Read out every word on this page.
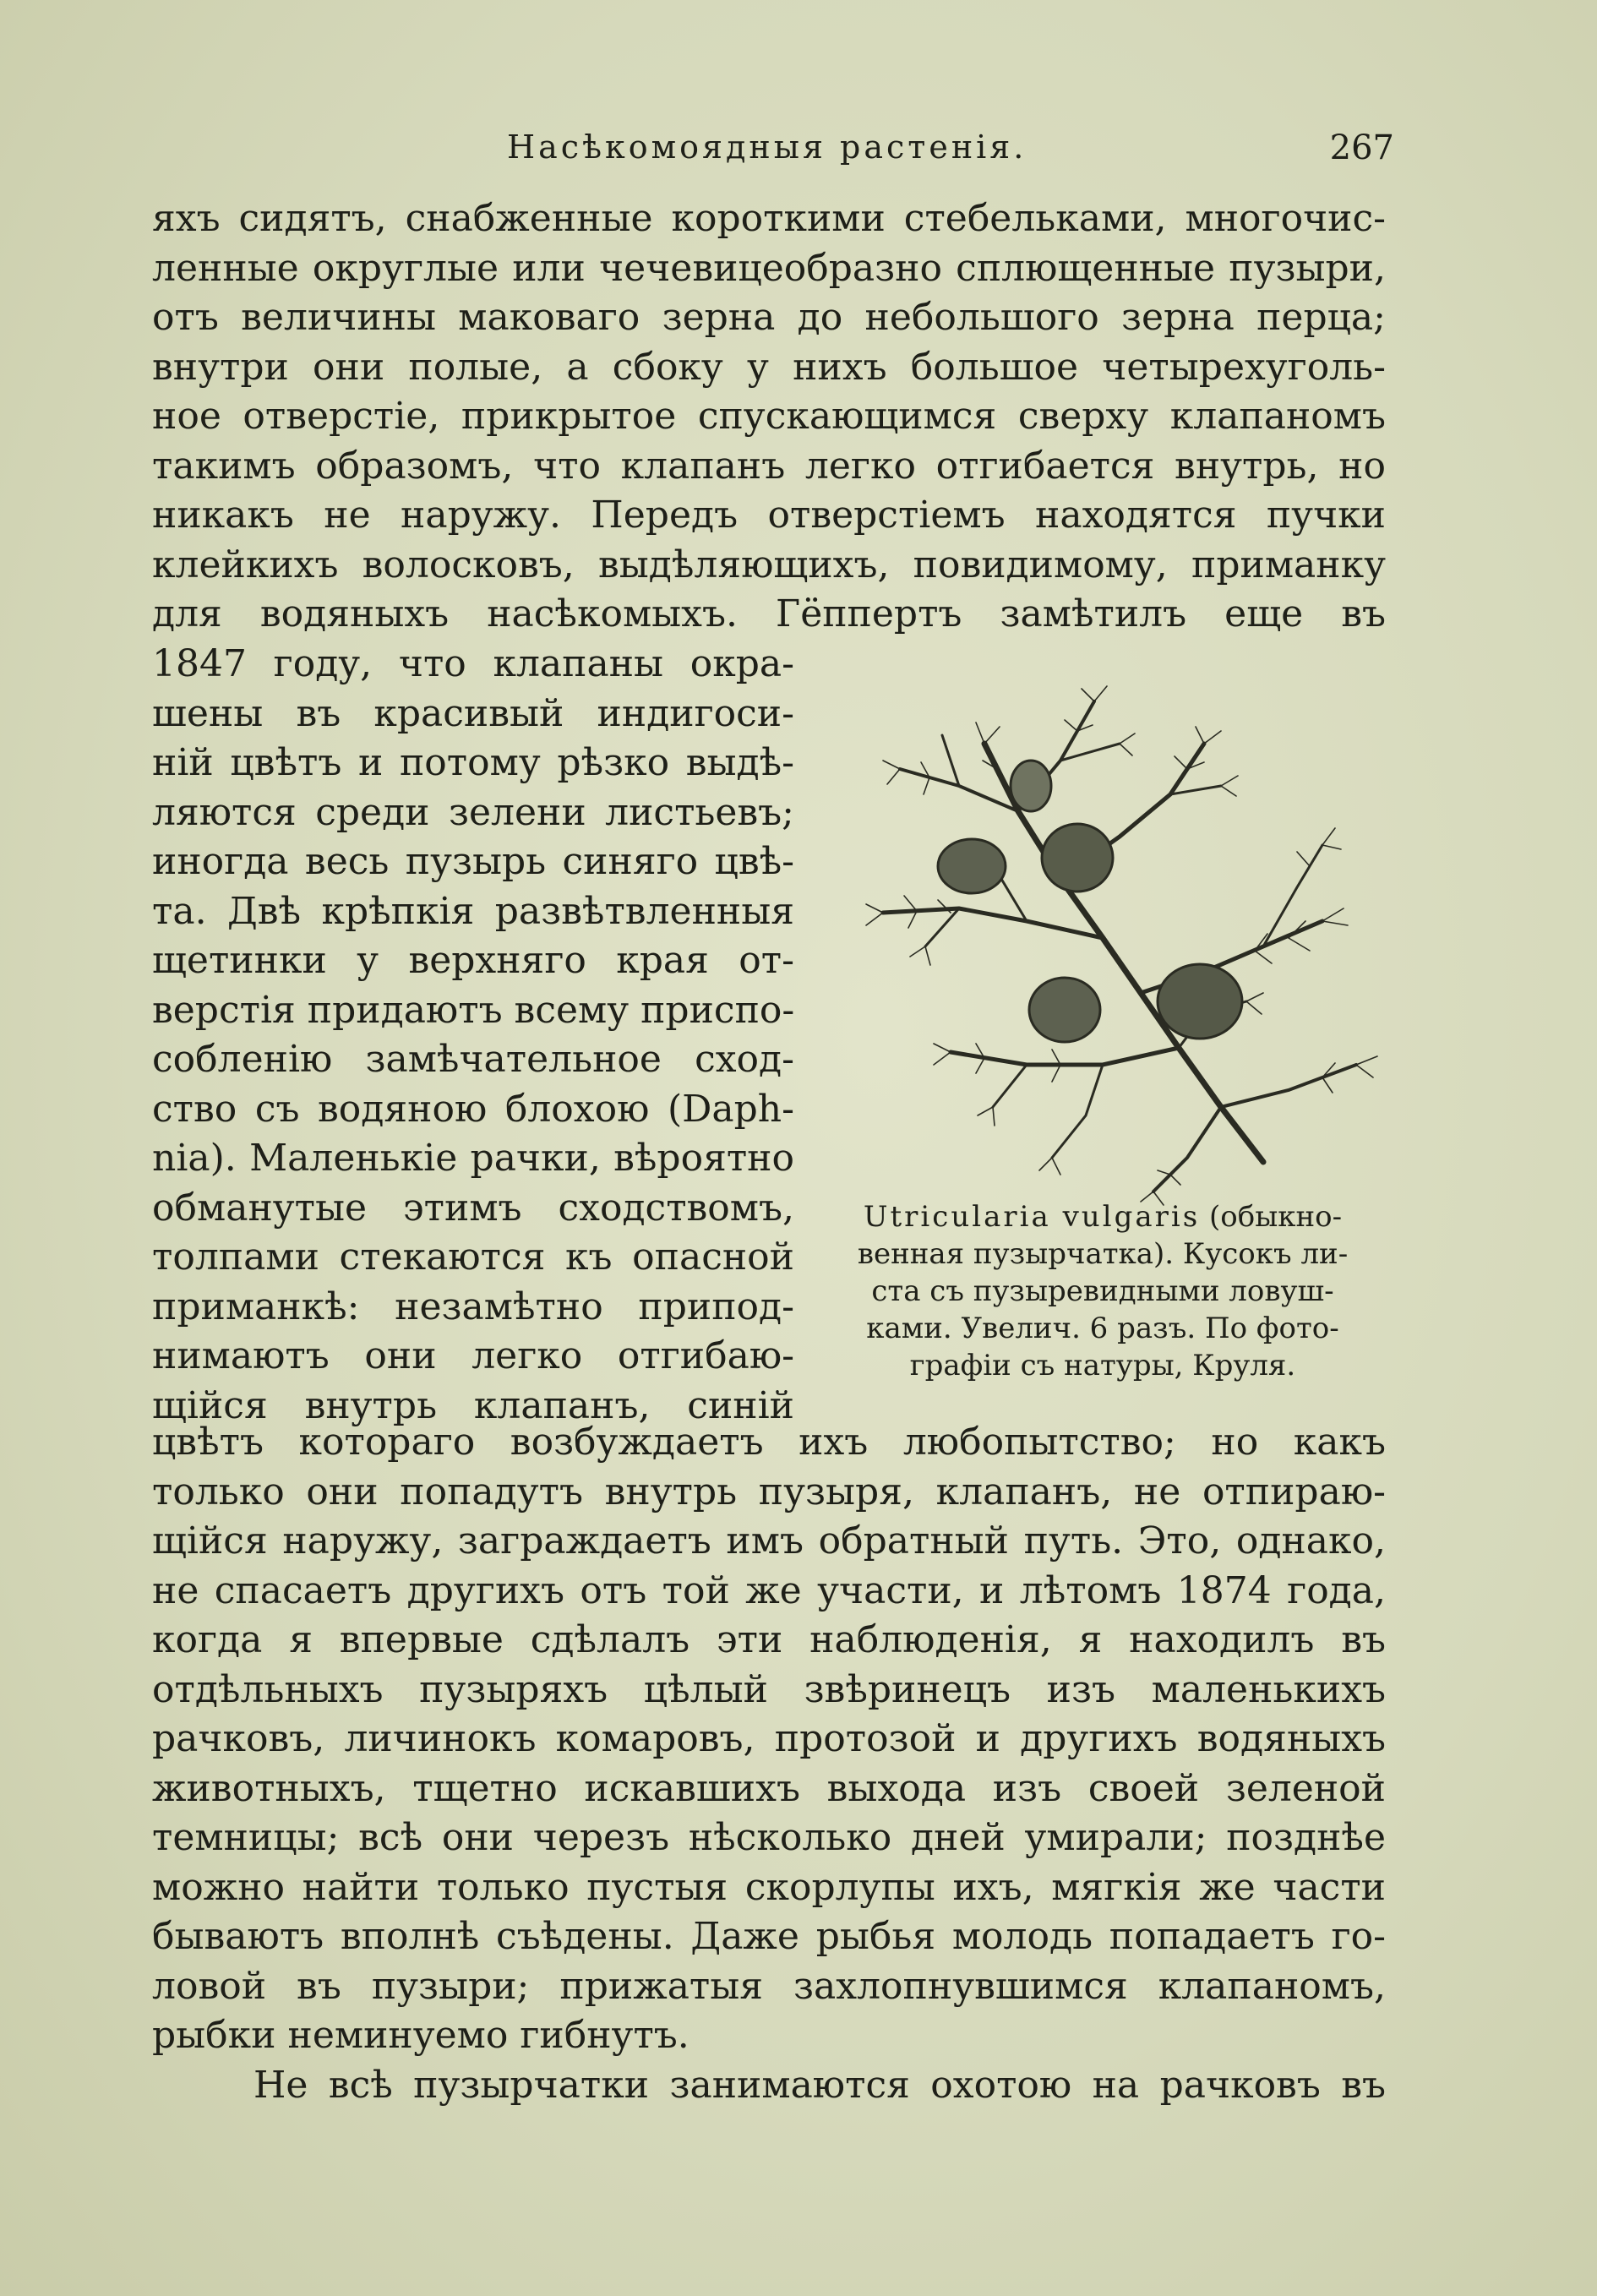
Насѣкомоядныя растенія.	267
яхъ сидятъ, снабженные короткими стебельками, многочис-
ленные округлые или чечевицеобразно сплющенные пузыри,
отъ величины маковаго зерна до небольшого зерна перца;
внутри они полые, а сбоку у нихъ большое четырехуголь-
ное отверстіе, прикрытое спускающимся сверху клапаномъ
такимъ образомъ, что клапанъ легко отгибается внутрь, но
никакъ не наружу. Передъ отверстіемъ находятся пучки
клейкихъ волосковъ, выдѣляющихъ, повидимому, приманку
для водяныхъ насѣкомыхъ. Гёппертъ замѣтилъ еще въ
1847 году, что клапаны окра-
шены въ красивый индигоси-
ній цвѣтъ и потому рѣзко выдѣ-
ляются среди зелени листьевъ;
иногда весь пузырь синяго цвѣ-
та. Двѣ крѣпкія развѣтвленныя
щетинки у верхняго края от-
верстія придаютъ всему приспо-
собленію замѣчательное сход-
ство съ водяною блохою (Daph-
nia). Маленькіе рачки, вѣроятно
обманутые этимъ сходствомъ,
толпами стекаются къ опасной
приманкѣ: незамѣтно припод-
нимаютъ они легко отгибаю-
щійся внутрь клапанъ, синій
Utricularia vulgaris (обыкно-
венная пузырчатка). Кусокъ ли-
ста съ пузыревидными ловуш-
ками. Увелич. 6 разъ. По фото-
графіи съ натуры, Круля.
цвѣтъ котораго возбуждаетъ ихъ любопытство; но какъ
только они попадутъ внутрь пузыря, клапанъ, не отпираю-
щійся наружу, заграждаетъ имъ обратный путь. Это, однако,
не спасаетъ другихъ отъ той же участи, и лѣтомъ 1874 года,
когда я впервые сдѣлалъ эти наблюденія, я находилъ въ
отдѣльныхъ пузыряхъ цѣлый звѣринецъ изъ маленькихъ
рачковъ, личинокъ комаровъ, протозой и другихъ водяныхъ
животныхъ, тщетно искавшихъ выхода изъ своей зеленой
темницы; всѣ они черезъ нѣсколько дней умирали; позднѣе
можно найти только пустыя скорлупы ихъ, мягкія же части
бываютъ вполнѣ съѣдены. Даже рыбья молодь попадаетъ го-
ловой въ пузыри; прижатыя захлопнувшимся клапаномъ,
рыбки неминуемо гибнутъ.
Не всѣ пузырчатки занимаются охотою на рачковъ въ
